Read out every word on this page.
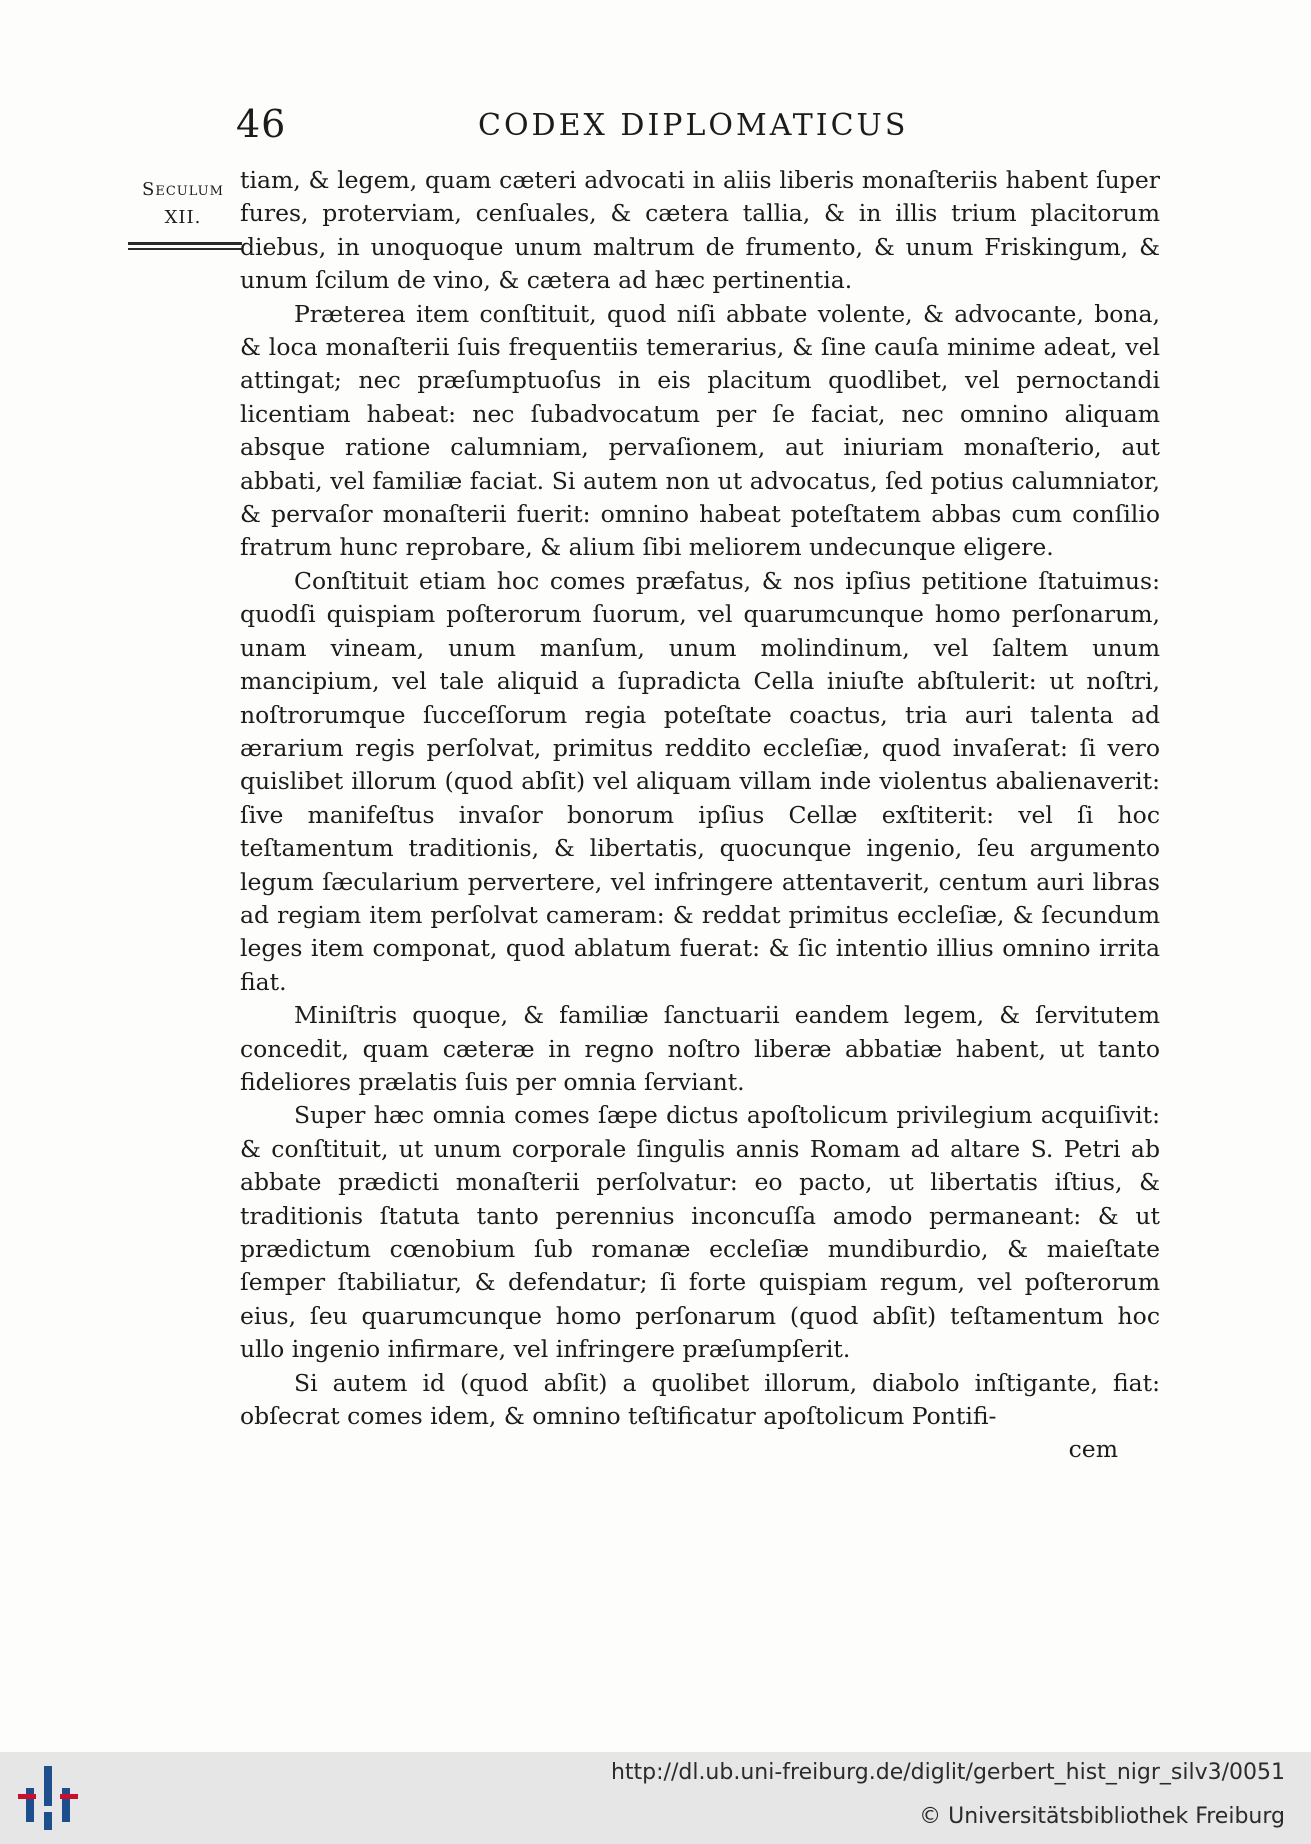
46	CODEX DIPLOMATICUS
Seculum
XII.

tiam, & legem, quam cæteri advocati in aliis liberis monaſteriis habent ſuper fures, proterviam, cenſuales, & cætera tallia, & in illis trium placitorum diebus, in unoquoque unum maltrum de frumento, & unum Friskingum, & unum ſcilum de vino, & cætera ad hæc pertinentia.

Præterea item conſtituit, quod niſi abbate volente, & advocante, bona, & loca monaſterii ſuis frequentiis temerarius, & ſine cauſa minime adeat, vel attingat; nec præſumptuoſus in eis placitum quodlibet, vel pernoctandi licentiam habeat: nec ſubadvocatum per ſe faciat, nec omnino aliquam absque ratione calumniam, pervaſionem, aut iniuriam monaſterio, aut abbati, vel familiæ faciat. Si autem non ut advocatus, ſed potius calumniator, & pervaſor monaſterii fuerit: omnino habeat poteſtatem abbas cum conſilio fratrum hunc reprobare, & alium ſibi meliorem undecunque eligere.

Conſtituit etiam hoc comes præfatus, & nos ipſius petitione ſtatuimus: quodſi quispiam poſterorum ſuorum, vel quarumcunque homo perſonarum, unam vineam, unum manſum, unum molindinum, vel ſaltem unum mancipium, vel tale aliquid a ſupradicta Cella iniuſte abſtulerit: ut noſtri, noſtrorumque ſucceſſorum regia poteſtate coactus, tria auri talenta ad ærarium regis perſolvat, primitus reddito eccleſiæ, quod invaſerat: ſi vero quislibet illorum (quod abſit) vel aliquam villam inde violentus abalienaverit: ſive manifeſtus invaſor bonorum ipſius Cellæ exſtiterit: vel ſi hoc teſtamentum traditionis, & libertatis, quocunque ingenio, ſeu argumento legum ſæcularium pervertere, vel infringere attentaverit, centum auri libras ad regiam item perſolvat cameram: & reddat primitus eccleſiæ, & ſecundum leges item componat, quod ablatum fuerat: & ſic intentio illius omnino irrita fiat.

Miniſtris quoque, & familiæ ſanctuarii eandem legem, & ſervitutem concedit, quam cæteræ in regno noſtro liberæ abbatiæ habent, ut tanto fideliores prælatis ſuis per omnia ſerviant.

Super hæc omnia comes ſæpe dictus apoſtolicum privilegium acquiſivit: & conſtituit, ut unum corporale ſingulis annis Romam ad altare S. Petri ab abbate prædicti monaſterii perſolvatur: eo pacto, ut libertatis iſtius, & traditionis ſtatuta tanto perennius inconcuſſa amodo permaneant: & ut prædictum cœnobium ſub romanæ eccleſiæ mundiburdio, & maieſtate ſemper ſtabiliatur, & defendatur; ſi forte quispiam regum, vel poſterorum eius, ſeu quarumcunque homo perſonarum (quod abſit) teſtamentum hoc ullo ingenio infirmare, vel infringere præſumpſerit.

Si autem id (quod abſit) a quolibet illorum, diabolo inſtigante, fiat: obſecrat comes idem, & omnino teſtificatur apoſtolicum Pontifi-

cem

http://dl.ub.uni-freiburg.de/diglit/gerbert_hist_nigr_silv3/0051
© Universitätsbibliothek Freiburg
